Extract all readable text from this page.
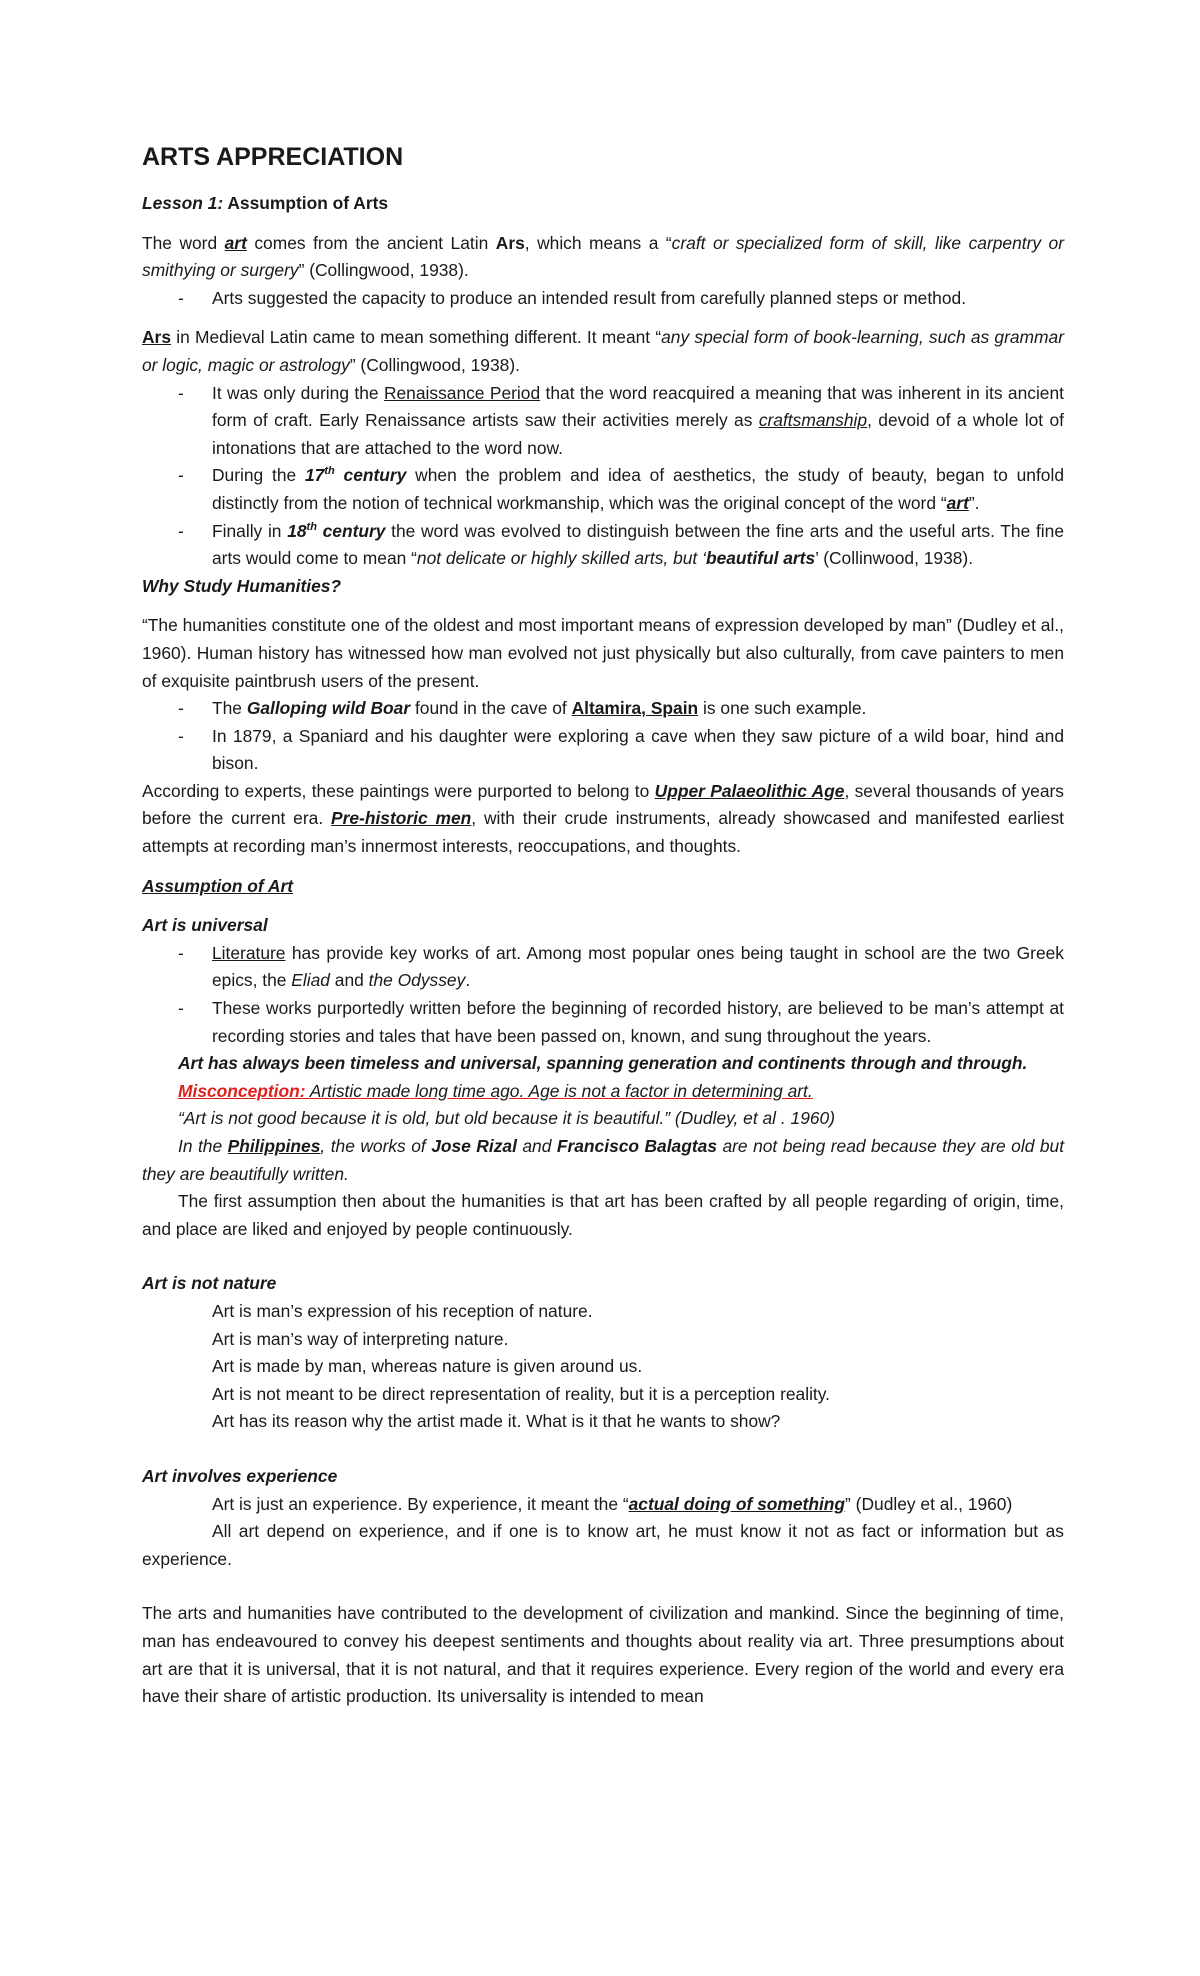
ARTS APPRECIATION

Lesson 1: Assumption of Arts

The word art comes from the ancient Latin Ars, which means a “craft or specialized form of skill, like carpentry or smithying or surgery” (Collingwood, 1938).

-	Arts suggested the capacity to produce an intended result from carefully planned steps or method.

Ars in Medieval Latin came to mean something different. It meant “any special form of book-learning, such as grammar or logic, magic or astrology” (Collingwood, 1938).

-	It was only during the Renaissance Period that the word reacquired a meaning that was inherent in its ancient form of craft. Early Renaissance artists saw their activities merely as craftsmanship, devoid of a whole lot of intonations that are attached to the word now.
-	During the 17th century when the problem and idea of aesthetics, the study of beauty, began to unfold distinctly from the notion of technical workmanship, which was the original concept of the word “art”.
-	Finally in 18th century the word was evolved to distinguish between the fine arts and the useful arts. The fine arts would come to mean “not delicate or highly skilled arts, but ‘beautiful arts’ (Collinwood, 1938).

Why Study Humanities?

“The humanities constitute one of the oldest and most important means of expression developed by man” (Dudley et al., 1960). Human history has witnessed how man evolved not just physically but also culturally, from cave painters to men of exquisite paintbrush users of the present.

-	The Galloping wild Boar found in the cave of Altamira, Spain is one such example.
-	In 1879, a Spaniard and his daughter were exploring a cave when they saw picture of a wild boar, hind and bison.

According to experts, these paintings were purported to belong to Upper Palaeolithic Age, several thousands of years before the current era. Pre-historic men, with their crude instruments, already showcased and manifested earliest attempts at recording man’s innermost interests, reoccupations, and thoughts.

Assumption of Art

Art is universal

-	Literature has provide key works of art. Among most popular ones being taught in school are the two Greek epics, the Eliad and the Odyssey.
-	These works purportedly written before the beginning of recorded history, are believed to be man’s attempt at recording stories and tales that have been passed on, known, and sung throughout the years.

Art has always been timeless and universal, spanning generation and continents through and through.

Misconception: Artistic made long time ago. Age is not a factor in determining art.

“Art is not good because it is old, but old because it is beautiful.” (Dudley, et al . 1960)

In the Philippines, the works of Jose Rizal and Francisco Balagtas are not being read because they are old but they are beautifully written.

The first assumption then about the humanities is that art has been crafted by all people regarding of origin, time, and place are liked and enjoyed by people continuously.

Art is not nature

Art is man’s expression of his reception of nature.
Art is man’s way of interpreting nature.
Art is made by man, whereas nature is given around us.
Art is not meant to be direct representation of reality, but it is a perception reality.
Art has its reason why the artist made it. What is it that he wants to show?

Art involves experience

Art is just an experience. By experience, it meant the “actual doing of something” (Dudley et al., 1960)

All art depend on experience, and if one is to know art, he must know it not as fact or information but as experience.

The arts and humanities have contributed to the development of civilization and mankind. Since the beginning of time, man has endeavoured to convey his deepest sentiments and thoughts about reality via art. Three presumptions about art are that it is universal, that it is not natural, and that it requires experience. Every region of the world and every era have their share of artistic production. Its universality is intended to mean
